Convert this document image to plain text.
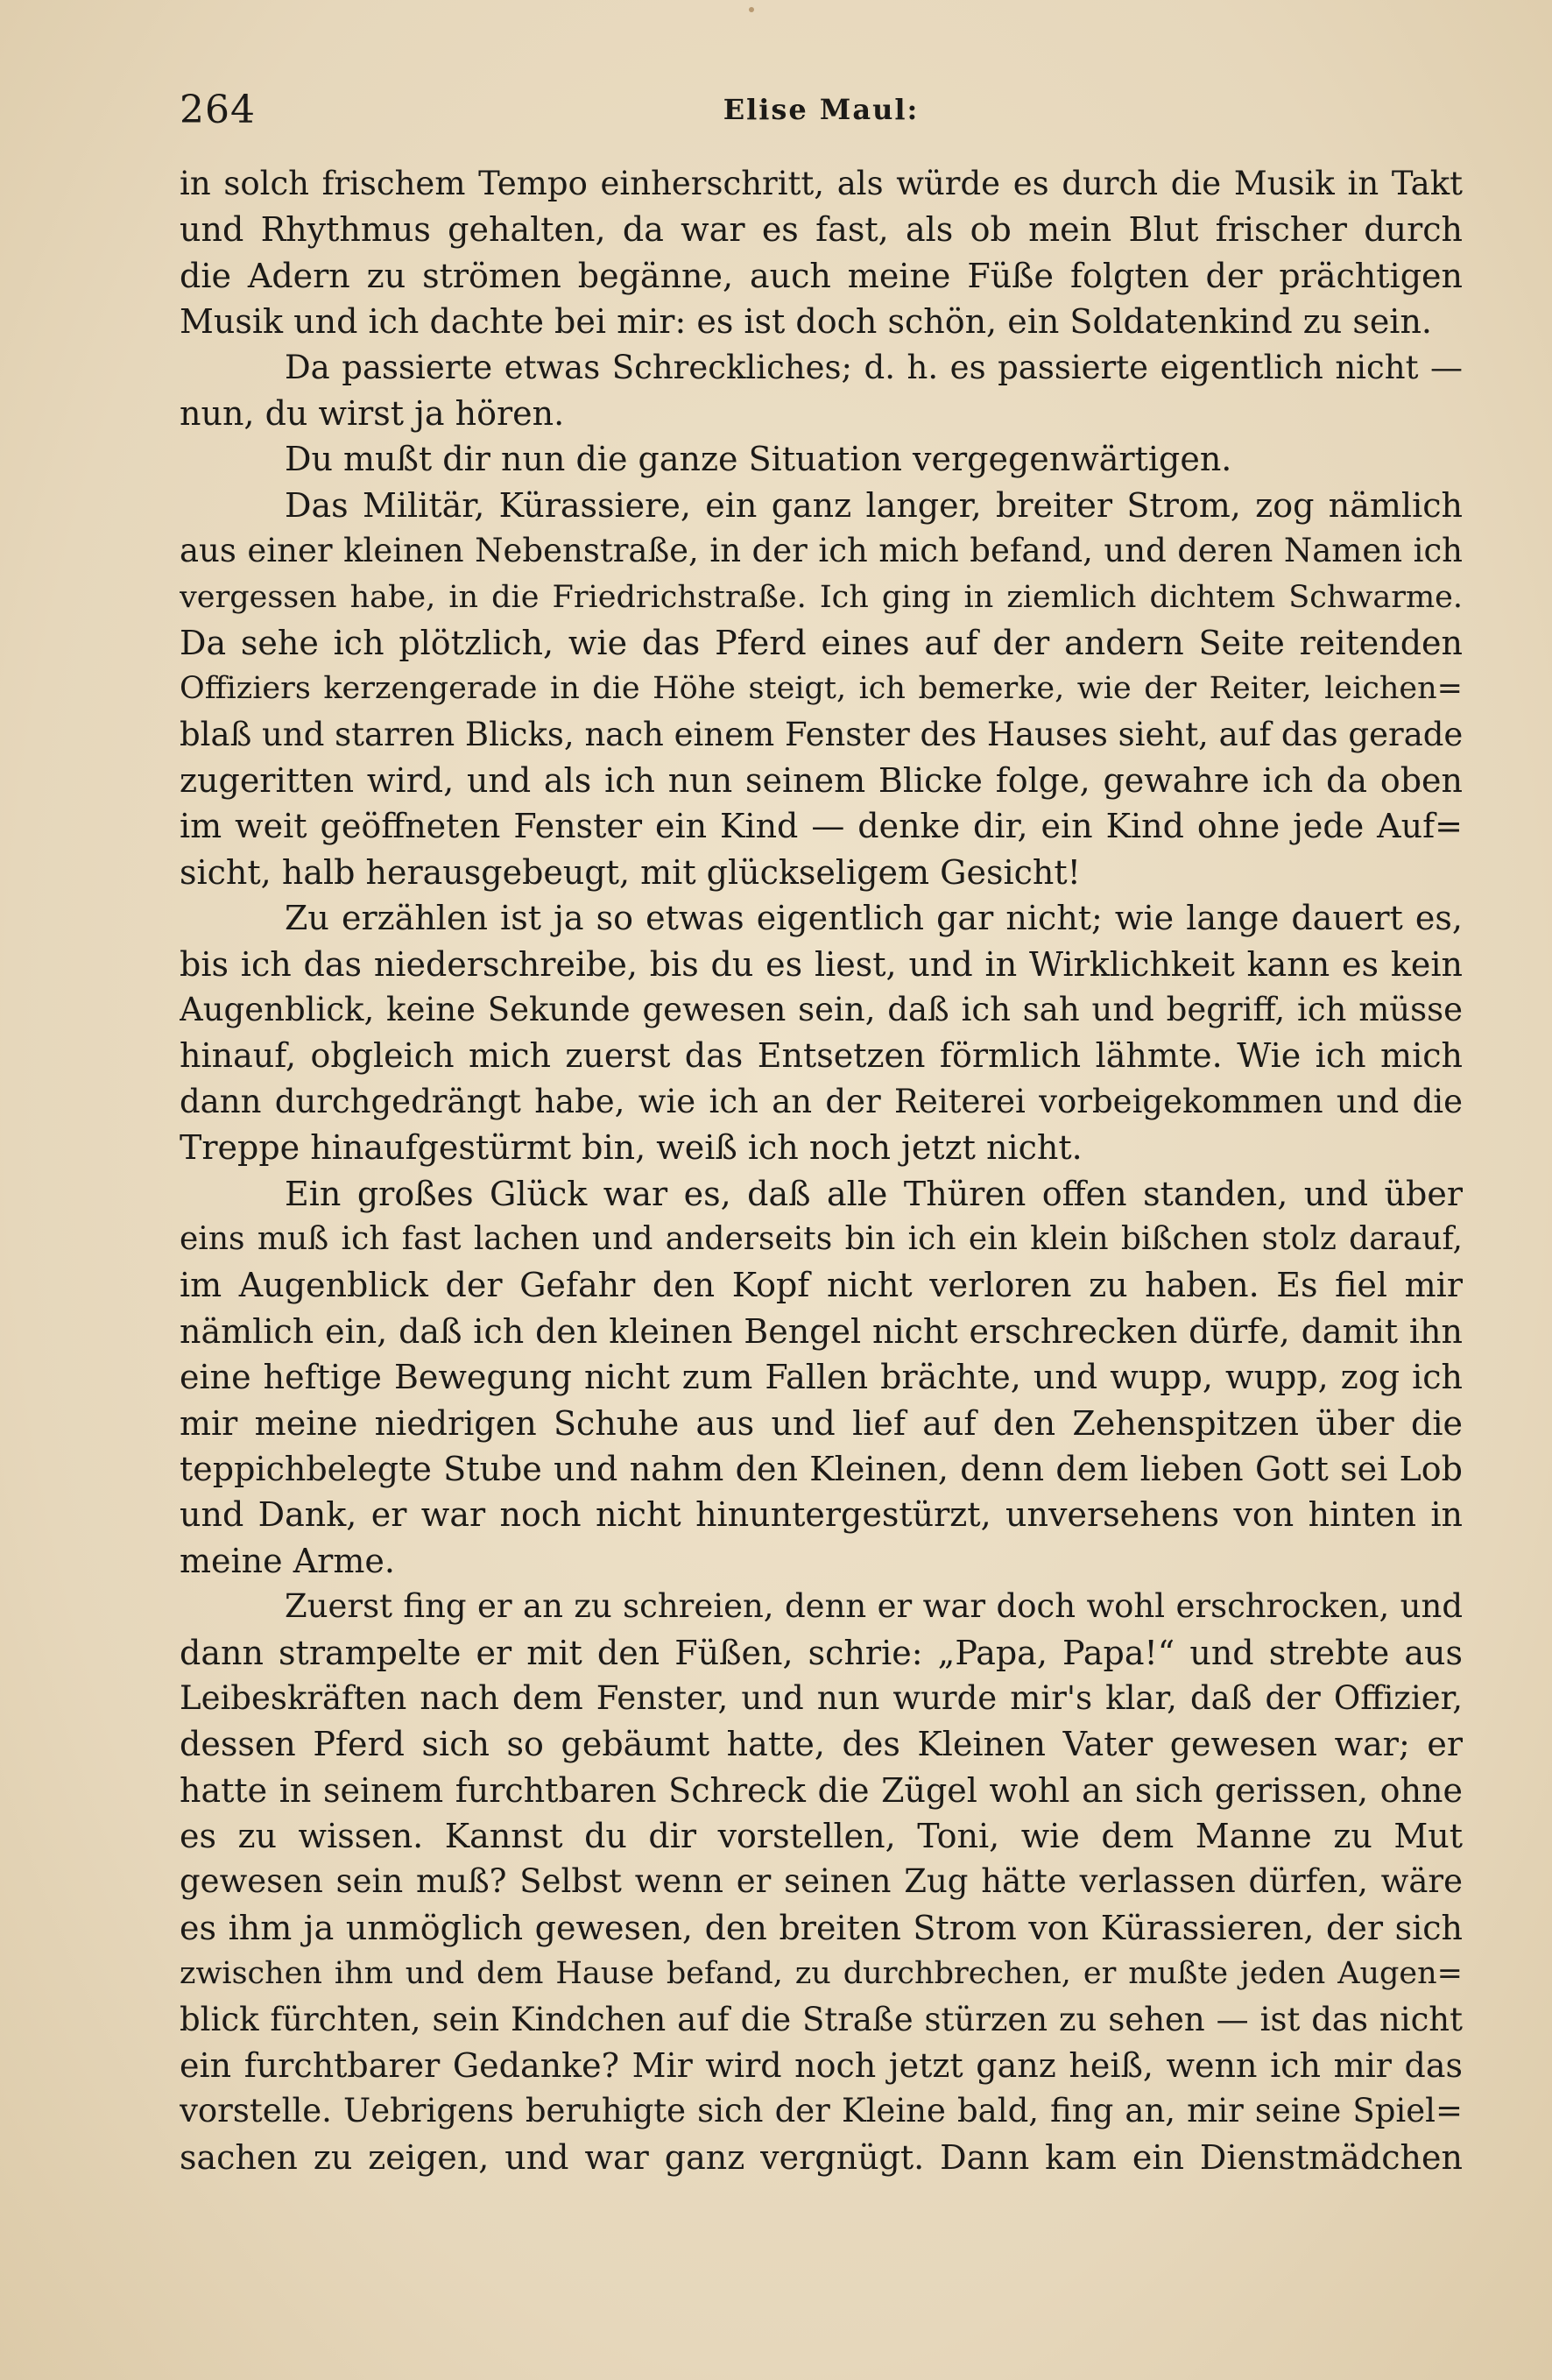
264	Elise Maul:
in solch frischem Tempo einherschritt, als würde es durch die Musik in Takt
und Rhythmus gehalten, da war es fast, als ob mein Blut frischer durch
die Adern zu strömen begänne, auch meine Füße folgten der prächtigen
Musik und ich dachte bei mir: es ist doch schön, ein Soldatenkind zu sein.
Da passierte etwas Schreckliches; d. h. es passierte eigentlich nicht —
nun, du wirst ja hören.
Du mußt dir nun die ganze Situation vergegenwärtigen.
Das Militär, Kürassiere, ein ganz langer, breiter Strom, zog nämlich
aus einer kleinen Nebenstraße, in der ich mich befand, und deren Namen ich
vergessen habe, in die Friedrichstraße. Ich ging in ziemlich dichtem Schwarme.
Da sehe ich plötzlich, wie das Pferd eines auf der andern Seite reitenden
Offiziers kerzengerade in die Höhe steigt, ich bemerke, wie der Reiter, leichen=
blaß und starren Blicks, nach einem Fenster des Hauses sieht, auf das gerade
zugeritten wird, und als ich nun seinem Blicke folge, gewahre ich da oben
im weit geöffneten Fenster ein Kind — denke dir, ein Kind ohne jede Auf=
sicht, halb herausgebeugt, mit glückseligem Gesicht!
Zu erzählen ist ja so etwas eigentlich gar nicht; wie lange dauert es,
bis ich das niederschreibe, bis du es liest, und in Wirklichkeit kann es kein
Augenblick, keine Sekunde gewesen sein, daß ich sah und begriff, ich müsse
hinauf, obgleich mich zuerst das Entsetzen förmlich lähmte. Wie ich mich
dann durchgedrängt habe, wie ich an der Reiterei vorbeigekommen und die
Treppe hinaufgestürmt bin, weiß ich noch jetzt nicht.
Ein großes Glück war es, daß alle Thüren offen standen, und über
eins muß ich fast lachen und anderseits bin ich ein klein bißchen stolz darauf,
im Augenblick der Gefahr den Kopf nicht verloren zu haben. Es fiel mir
nämlich ein, daß ich den kleinen Bengel nicht erschrecken dürfe, damit ihn
eine heftige Bewegung nicht zum Fallen brächte, und wupp, wupp, zog ich
mir meine niedrigen Schuhe aus und lief auf den Zehenspitzen über die
teppichbelegte Stube und nahm den Kleinen, denn dem lieben Gott sei Lob
und Dank, er war noch nicht hinuntergestürzt, unversehens von hinten in
meine Arme.
Zuerst fing er an zu schreien, denn er war doch wohl erschrocken, und
dann strampelte er mit den Füßen, schrie: „Papa, Papa!“ und strebte aus
Leibeskräften nach dem Fenster, und nun wurde mir's klar, daß der Offizier,
dessen Pferd sich so gebäumt hatte, des Kleinen Vater gewesen war; er
hatte in seinem furchtbaren Schreck die Zügel wohl an sich gerissen, ohne
es zu wissen. Kannst du dir vorstellen, Toni, wie dem Manne zu Mut
gewesen sein muß? Selbst wenn er seinen Zug hätte verlassen dürfen, wäre
es ihm ja unmöglich gewesen, den breiten Strom von Kürassieren, der sich
zwischen ihm und dem Hause befand, zu durchbrechen, er mußte jeden Augen=
blick fürchten, sein Kindchen auf die Straße stürzen zu sehen — ist das nicht
ein furchtbarer Gedanke? Mir wird noch jetzt ganz heiß, wenn ich mir das
vorstelle. Uebrigens beruhigte sich der Kleine bald, fing an, mir seine Spiel=
sachen zu zeigen, und war ganz vergnügt. Dann kam ein Dienstmädchen
